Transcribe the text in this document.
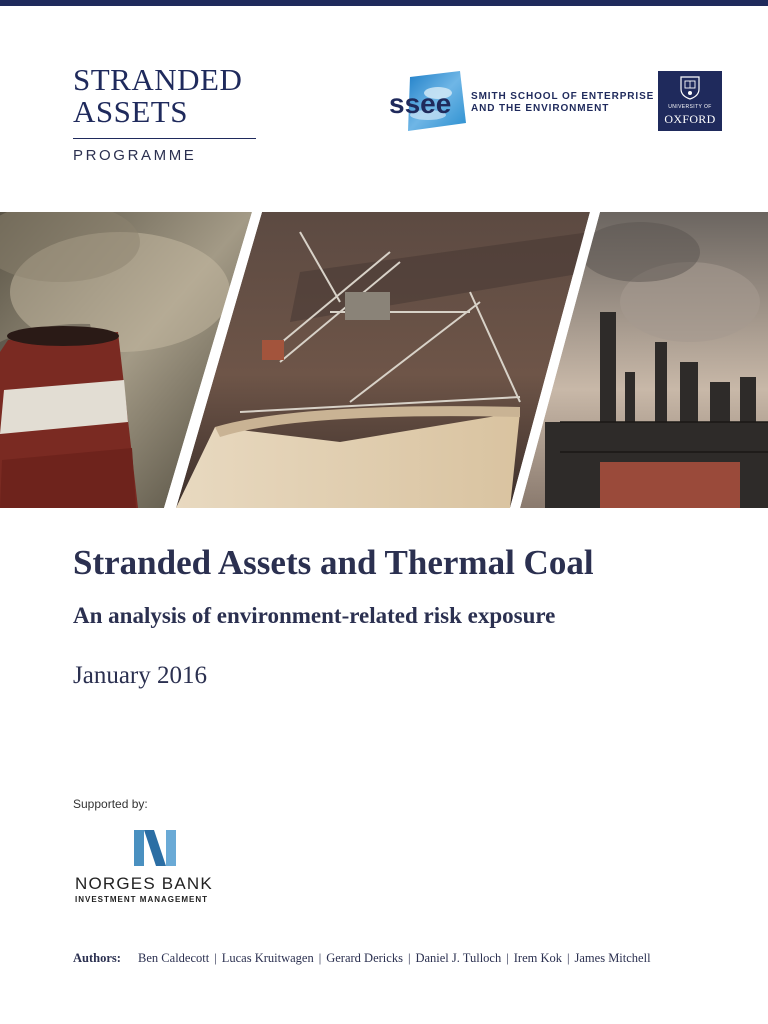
STRANDED
ASSETS
PROGRAMME
ssee SMITH SCHOOL OF ENTERPRISE
AND THE ENVIRONMENT	UNIVERSITY OF
OXFORD
Stranded Assets and Thermal Coal
An analysis of environment-related risk exposure
January 2016
Supported by:
NORGES BANK
INVESTMENT MANAGEMENT
Authors: Ben Caldecott | Lucas Kruitwagen | Gerard Dericks | Daniel J. Tulloch | Irem Kok | James Mitchell
